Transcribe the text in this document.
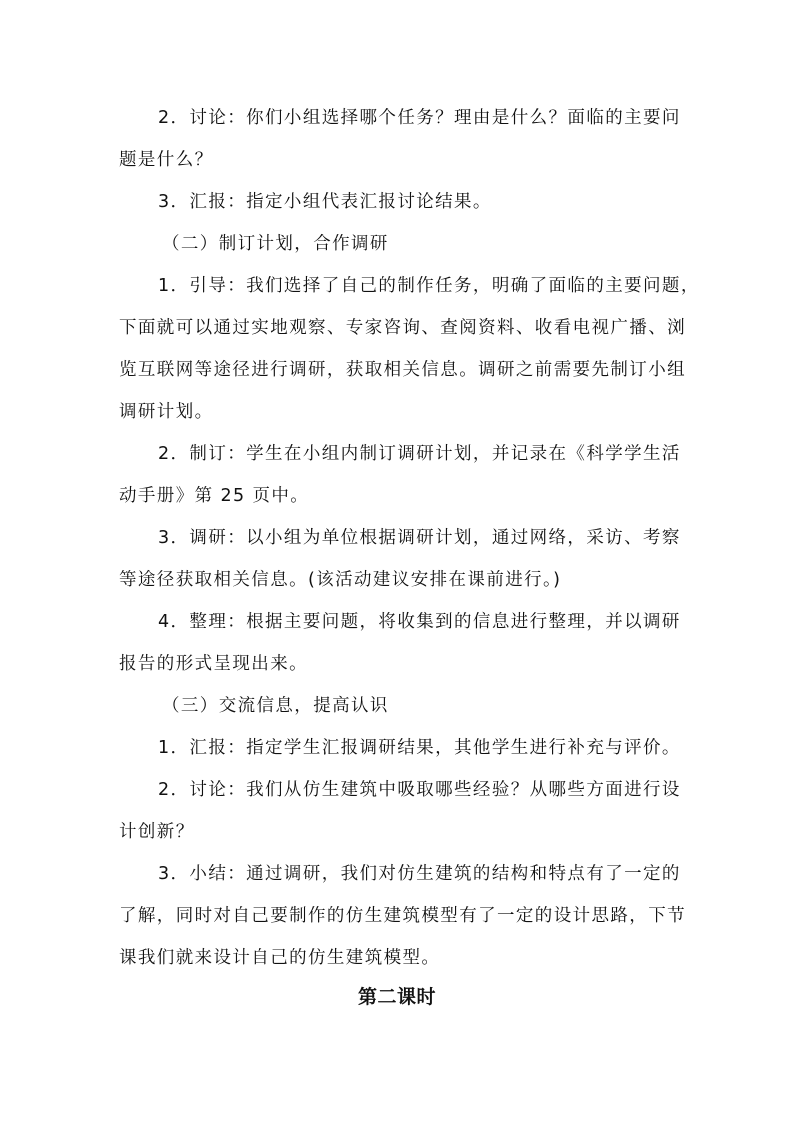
2．讨论：你们小组选择哪个任务？理由是什么？面临的主要问
题是什么？
3．汇报：指定小组代表汇报讨论结果。
（二）制订计划，合作调研
1．引导：我们选择了自己的制作任务，明确了面临的主要问题，
下面就可以通过实地观察、专家咨询、查阅资料、收看电视广播、浏
览互联网等途径进行调研，获取相关信息。调研之前需要先制订小组
调研计划。
2．制订：学生在小组内制订调研计划，并记录在《科学学生活
动手册》第 25 页中。
3．调研：以小组为单位根据调研计划，通过网络，采访、考察
等途径获取相关信息。(该活动建议安排在课前进行。)
4．整理：根据主要问题，将收集到的信息进行整理，并以调研
报告的形式呈现出来。
（三）交流信息，提高认识
1．汇报：指定学生汇报调研结果，其他学生进行补充与评价。
2．讨论：我们从仿生建筑中吸取哪些经验？从哪些方面进行设
计创新？
3．小结：通过调研，我们对仿生建筑的结构和特点有了一定的
了解，同时对自己要制作的仿生建筑模型有了一定的设计思路，下节
课我们就来设计自己的仿生建筑模型。
第二课时
